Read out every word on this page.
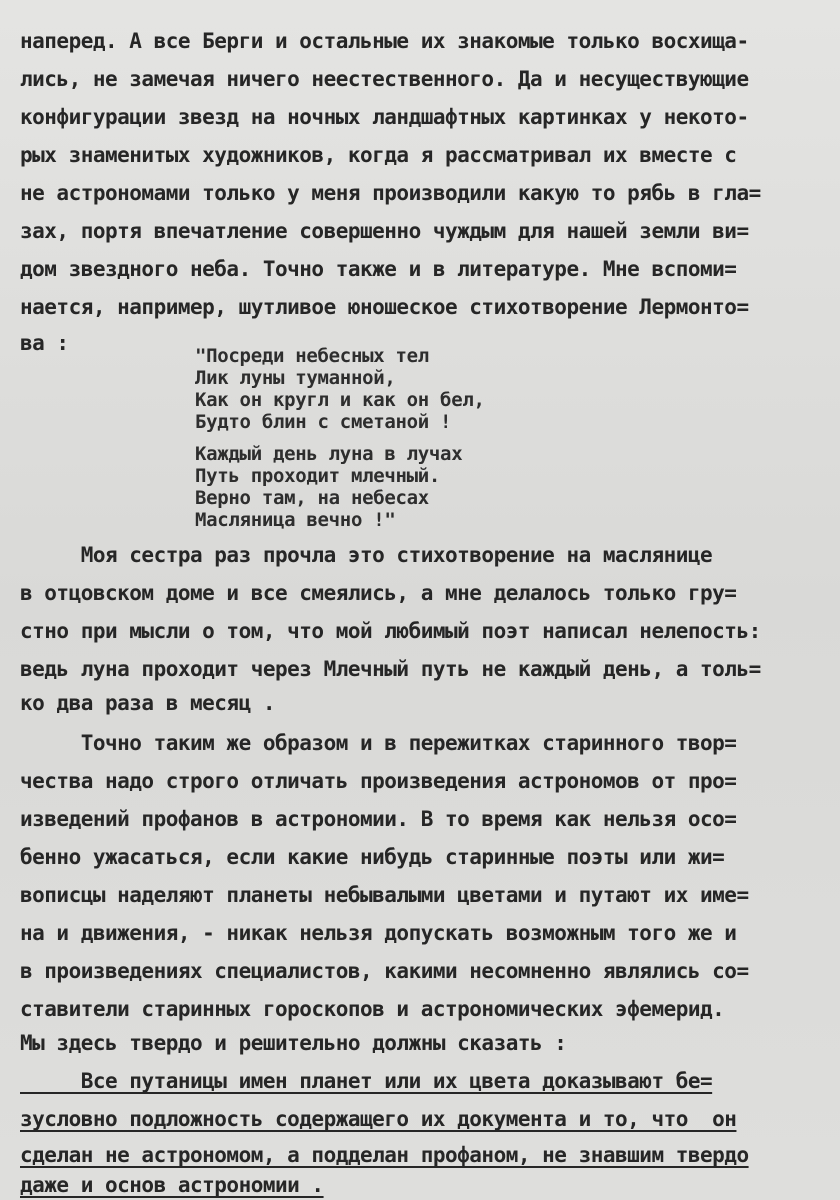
наперед. А все Берги и остальные их знакомые только восхища-

лись, не замечая ничего неестественного. Да и несуществующие

конфигурации звезд на ночных ландшафтных картинках у некото-

рых знаменитых художников, когда я рассматривал их вместе с

не астрономами только у меня производили какую то рябь в гла=

зах, портя впечатление совершенно чуждым для нашей земли ви=

дом звездного неба. Точно также и в литературе. Мне вспоми=

нается, например, шутливое юношеское стихотворение Лермонто=

ва :

"Посреди небесных тел

Лик луны туманной,

Как он кругл и как он бел,

Будто блин с сметаной !

Каждый день луна в лучах

Путь проходит млечный.

Верно там, на небесах

Масляница вечно !"

Моя сестра раз прочла это стихотворение на маслянице

в отцовском доме и все смеялись, а мне делалось только гру=

стно при мысли о том, что мой любимый поэт написал нелепость:

ведь луна проходит через Млечный путь не каждый день, а толь=

ко два раза в месяц .

Точно таким же образом и в пережитках старинного твор=

чества надо строго отличать произведения астрономов от про=

изведений профанов в астрономии. В то время как нельзя осо=

бенно ужасаться, если какие нибудь старинные поэты или жи=

вописцы наделяют планеты небывалыми цветами и путают их име=

на и движения, - никак нельзя допускать возможным того же и

в произведениях специалистов, какими несомненно являлись со=

ставители старинных гороскопов и астрономических эфемерид.

Мы здесь твердо и решительно должны сказать :

Все путаницы имен планет или их цвета доказывают бе=

зусловно подложность содержащего их документа и то, что  он

сделан не астрономом, а подделан профаном, не знавшим твердо

даже и основ астрономии .
